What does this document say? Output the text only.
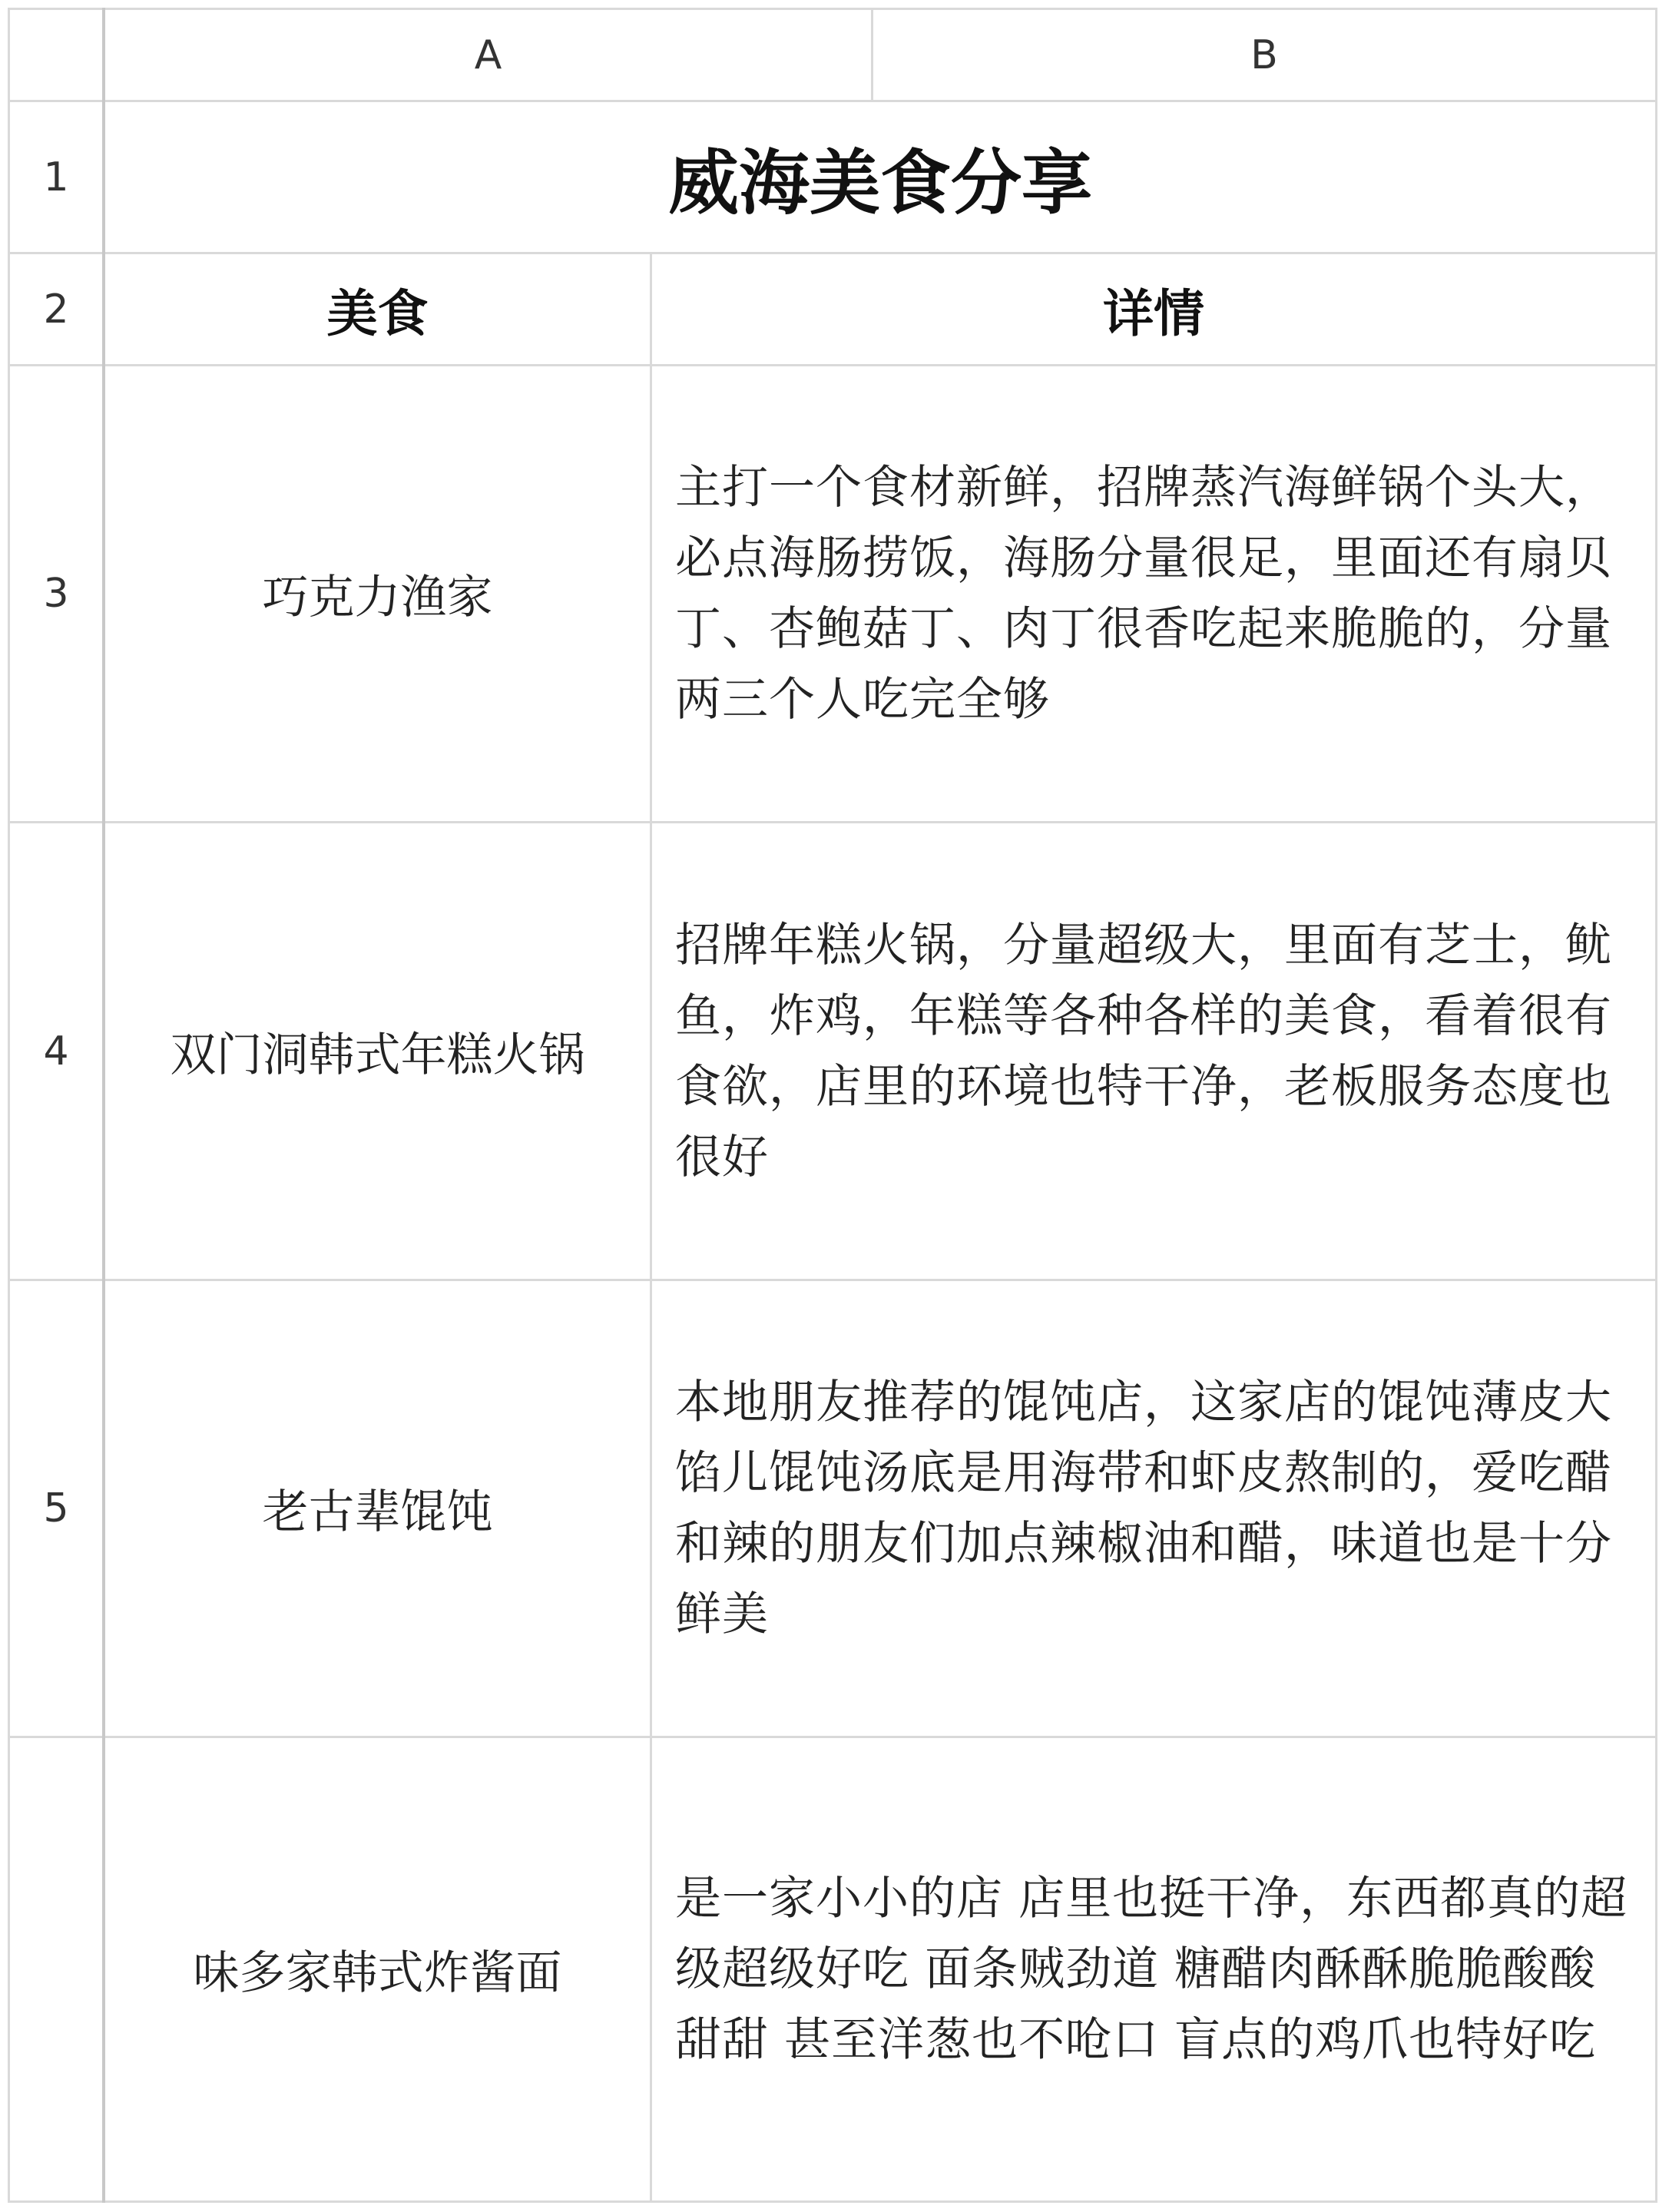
A	B
1
2
3
4
5
威海美食分享
美食	详情
巧克力渔家
主打一个食材新鲜，招牌蒸汽海鲜锅个头大，必点海肠捞饭，海肠分量很足，里面还有扇贝丁、杏鲍菇丁、肉丁很香吃起来脆脆的，分量两三个人吃完全够
双门洞韩式年糕火锅
招牌年糕火锅，分量超级大，里面有芝士，鱿鱼，炸鸡，年糕等各种各样的美食，看着很有食欲，店里的环境也特干净，老板服务态度也很好
老古辈馄饨
本地朋友推荐的馄饨店，这家店的馄饨薄皮大馅儿馄饨汤底是用海带和虾皮熬制的，爱吃醋和辣的朋友们加点辣椒油和醋，味道也是十分鲜美
味多家韩式炸酱面
是一家小小的店 店里也挺干净，东西都真的超级超级好吃 面条贼劲道 糖醋肉酥酥脆脆酸酸甜甜 甚至洋葱也不呛口 盲点的鸡爪也特好吃
